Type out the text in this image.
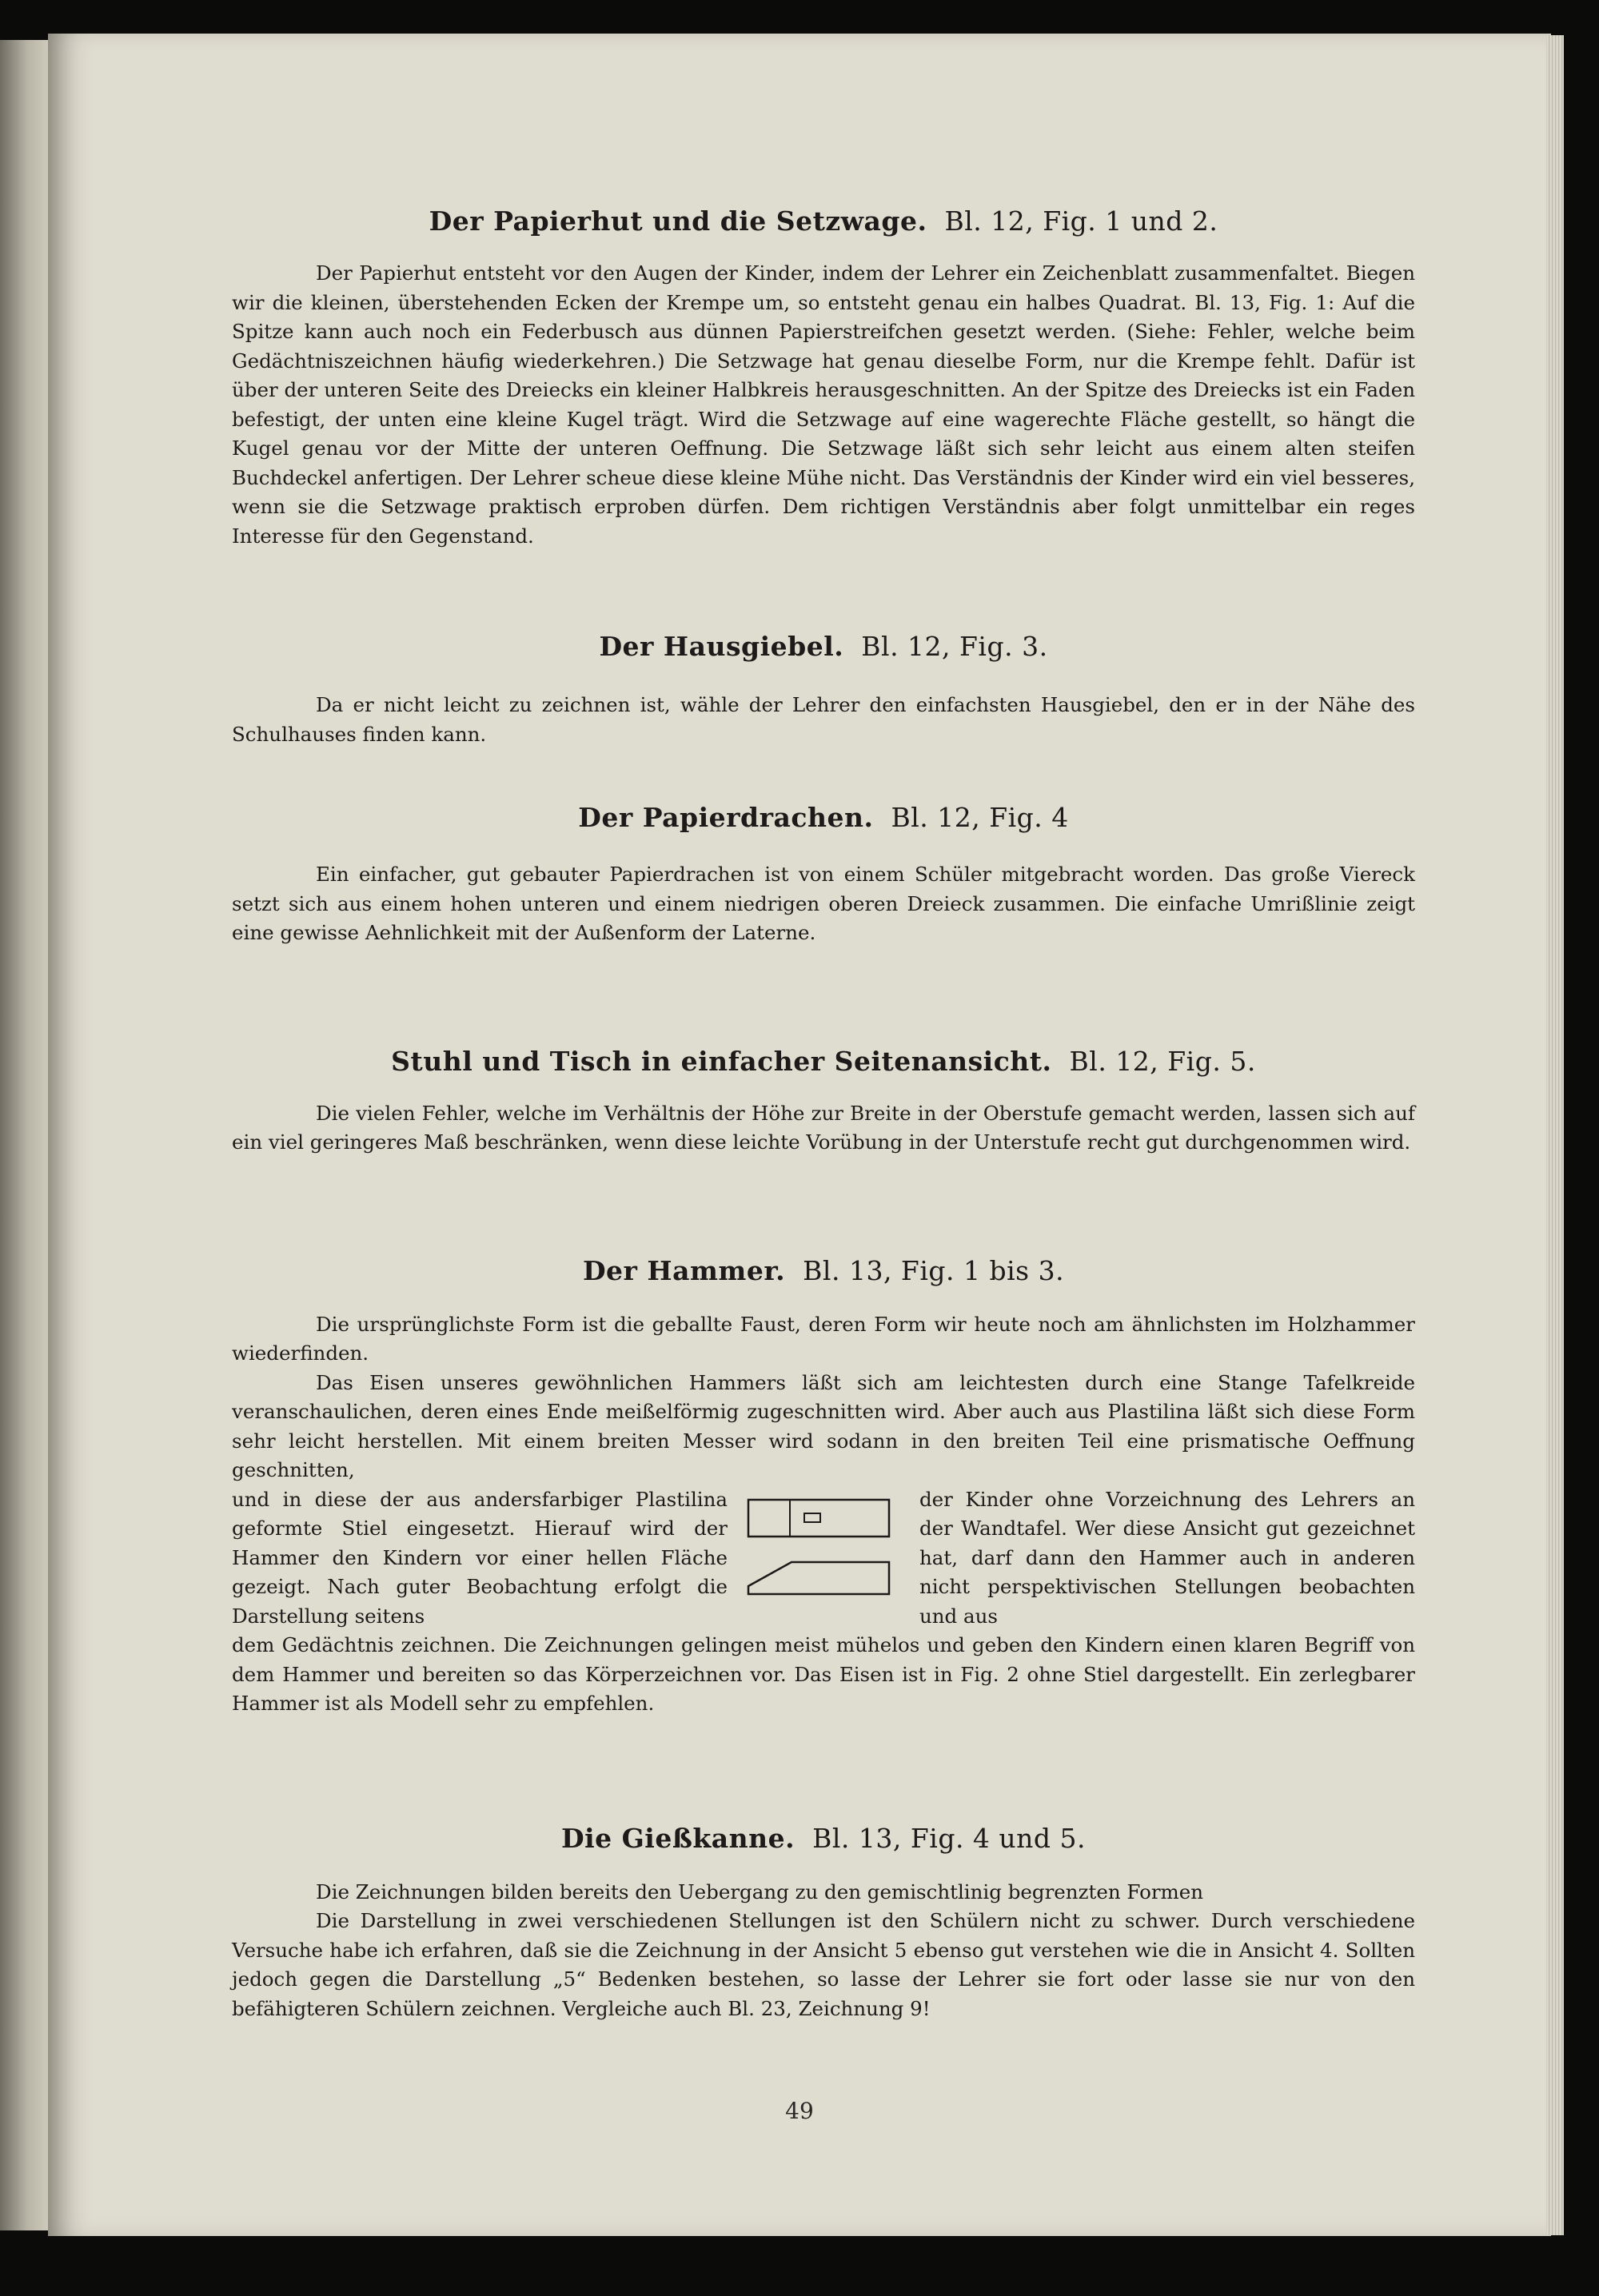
Der Papierhut und die Setzwage. Bl. 12, Fig. 1 und 2.

Der Papierhut entsteht vor den Augen der Kinder, indem der Lehrer ein Zeichenblatt zusammenfaltet. Biegen wir die kleinen, überstehenden Ecken der Krempe um, so entsteht genau ein halbes Quadrat. Bl. 13, Fig. 1: Auf die Spitze kann auch noch ein Federbusch aus dünnen Papierstreifchen gesetzt werden. (Siehe: Fehler, welche beim Gedächtniszeichnen häufig wiederkehren.) Die Setzwage hat genau dieselbe Form, nur die Krempe fehlt. Dafür ist über der unteren Seite des Dreiecks ein kleiner Halbkreis herausgeschnitten. An der Spitze des Dreiecks ist ein Faden befestigt, der unten eine kleine Kugel trägt. Wird die Setzwage auf eine wagerechte Fläche gestellt, so hängt die Kugel genau vor der Mitte der unteren Oeffnung. Die Setzwage läßt sich sehr leicht aus einem alten steifen Buchdeckel anfertigen. Der Lehrer scheue diese kleine Mühe nicht. Das Verständnis der Kinder wird ein viel besseres, wenn sie die Setzwage praktisch erproben dürfen. Dem richtigen Verständnis aber folgt unmittelbar ein reges Interesse für den Gegenstand.

Der Hausgiebel. Bl. 12, Fig. 3.

Da er nicht leicht zu zeichnen ist, wähle der Lehrer den einfachsten Hausgiebel, den er in der Nähe des Schulhauses finden kann.

Der Papierdrachen. Bl. 12, Fig. 4

Ein einfacher, gut gebauter Papierdrachen ist von einem Schüler mitgebracht worden. Das große Viereck setzt sich aus einem hohen unteren und einem niedrigen oberen Dreieck zusammen. Die einfache Umrißlinie zeigt eine gewisse Aehnlichkeit mit der Außenform der Laterne.

Stuhl und Tisch in einfacher Seitenansicht. Bl. 12, Fig. 5.

Die vielen Fehler, welche im Verhältnis der Höhe zur Breite in der Oberstufe gemacht werden, lassen sich auf ein viel geringeres Maß beschränken, wenn diese leichte Vorübung in der Unterstufe recht gut durchgenommen wird.

Der Hammer. Bl. 13, Fig. 1 bis 3.

Die ursprünglichste Form ist die geballte Faust, deren Form wir heute noch am ähnlichsten im Holzhammer wiederfinden.

Das Eisen unseres gewöhnlichen Hammers läßt sich am leichtesten durch eine Stange Tafelkreide veranschaulichen, deren eines Ende meißelförmig zugeschnitten wird. Aber auch aus Plastilina läßt sich diese Form sehr leicht herstellen. Mit einem breiten Messer wird sodann in den breiten Teil eine prismatische Oeffnung geschnitten,

und in diese der aus andersfarbiger Plastilina geformte Stiel eingesetzt. Hierauf wird der Hammer den Kindern vor einer hellen Fläche gezeigt. Nach guter Beobachtung erfolgt die Darstellung seitens

der Kinder ohne Vorzeichnung des Lehrers an der Wandtafel. Wer diese Ansicht gut gezeichnet hat, darf dann den Hammer auch in anderen nicht perspektivischen Stellungen beobachten und aus

dem Gedächtnis zeichnen. Die Zeichnungen gelingen meist mühelos und geben den Kindern einen klaren Begriff von dem Hammer und bereiten so das Körperzeichnen vor. Das Eisen ist in Fig. 2 ohne Stiel dargestellt. Ein zerlegbarer Hammer ist als Modell sehr zu empfehlen.

Die Gießkanne. Bl. 13, Fig. 4 und 5.

Die Zeichnungen bilden bereits den Uebergang zu den gemischtlinig begrenzten Formen

Die Darstellung in zwei verschiedenen Stellungen ist den Schülern nicht zu schwer. Durch verschiedene Versuche habe ich erfahren, daß sie die Zeichnung in der Ansicht 5 ebenso gut verstehen wie die in Ansicht 4. Sollten jedoch gegen die Darstellung „5“ Bedenken bestehen, so lasse der Lehrer sie fort oder lasse sie nur von den befähigteren Schülern zeichnen. Vergleiche auch Bl. 23, Zeichnung 9!

49
